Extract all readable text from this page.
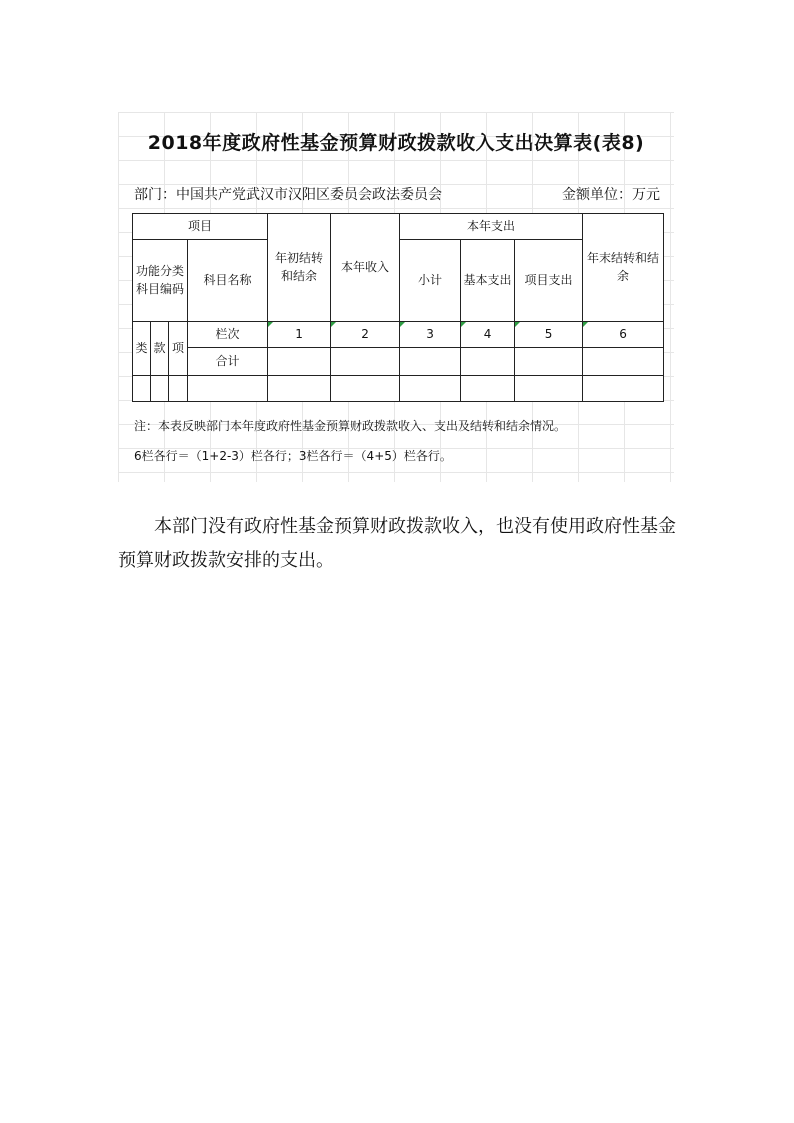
2018年度政府性基金预算财政拨款收入支出决算表(表8)
部门：中国共产党武汉市汉阳区委员会政法委员会	金额单位：万元
项目				年初结转和结余	本年收入	本年支出			年末结转和结余
功能分类科目编码			科目名称			小计	基本支出	项目支出	

类	款	项	栏次	1	2	3	4	5	6
			合计						

注：本表反映部门本年度政府性基金预算财政拨款收入、支出及结转和结余情况。
6栏各行＝（1+2-3）栏各行；3栏各行＝（4+5）栏各行。

本部门没有政府性基金预算财政拨款收入，也没有使用政府性基金预算财政拨款安排的支出。
